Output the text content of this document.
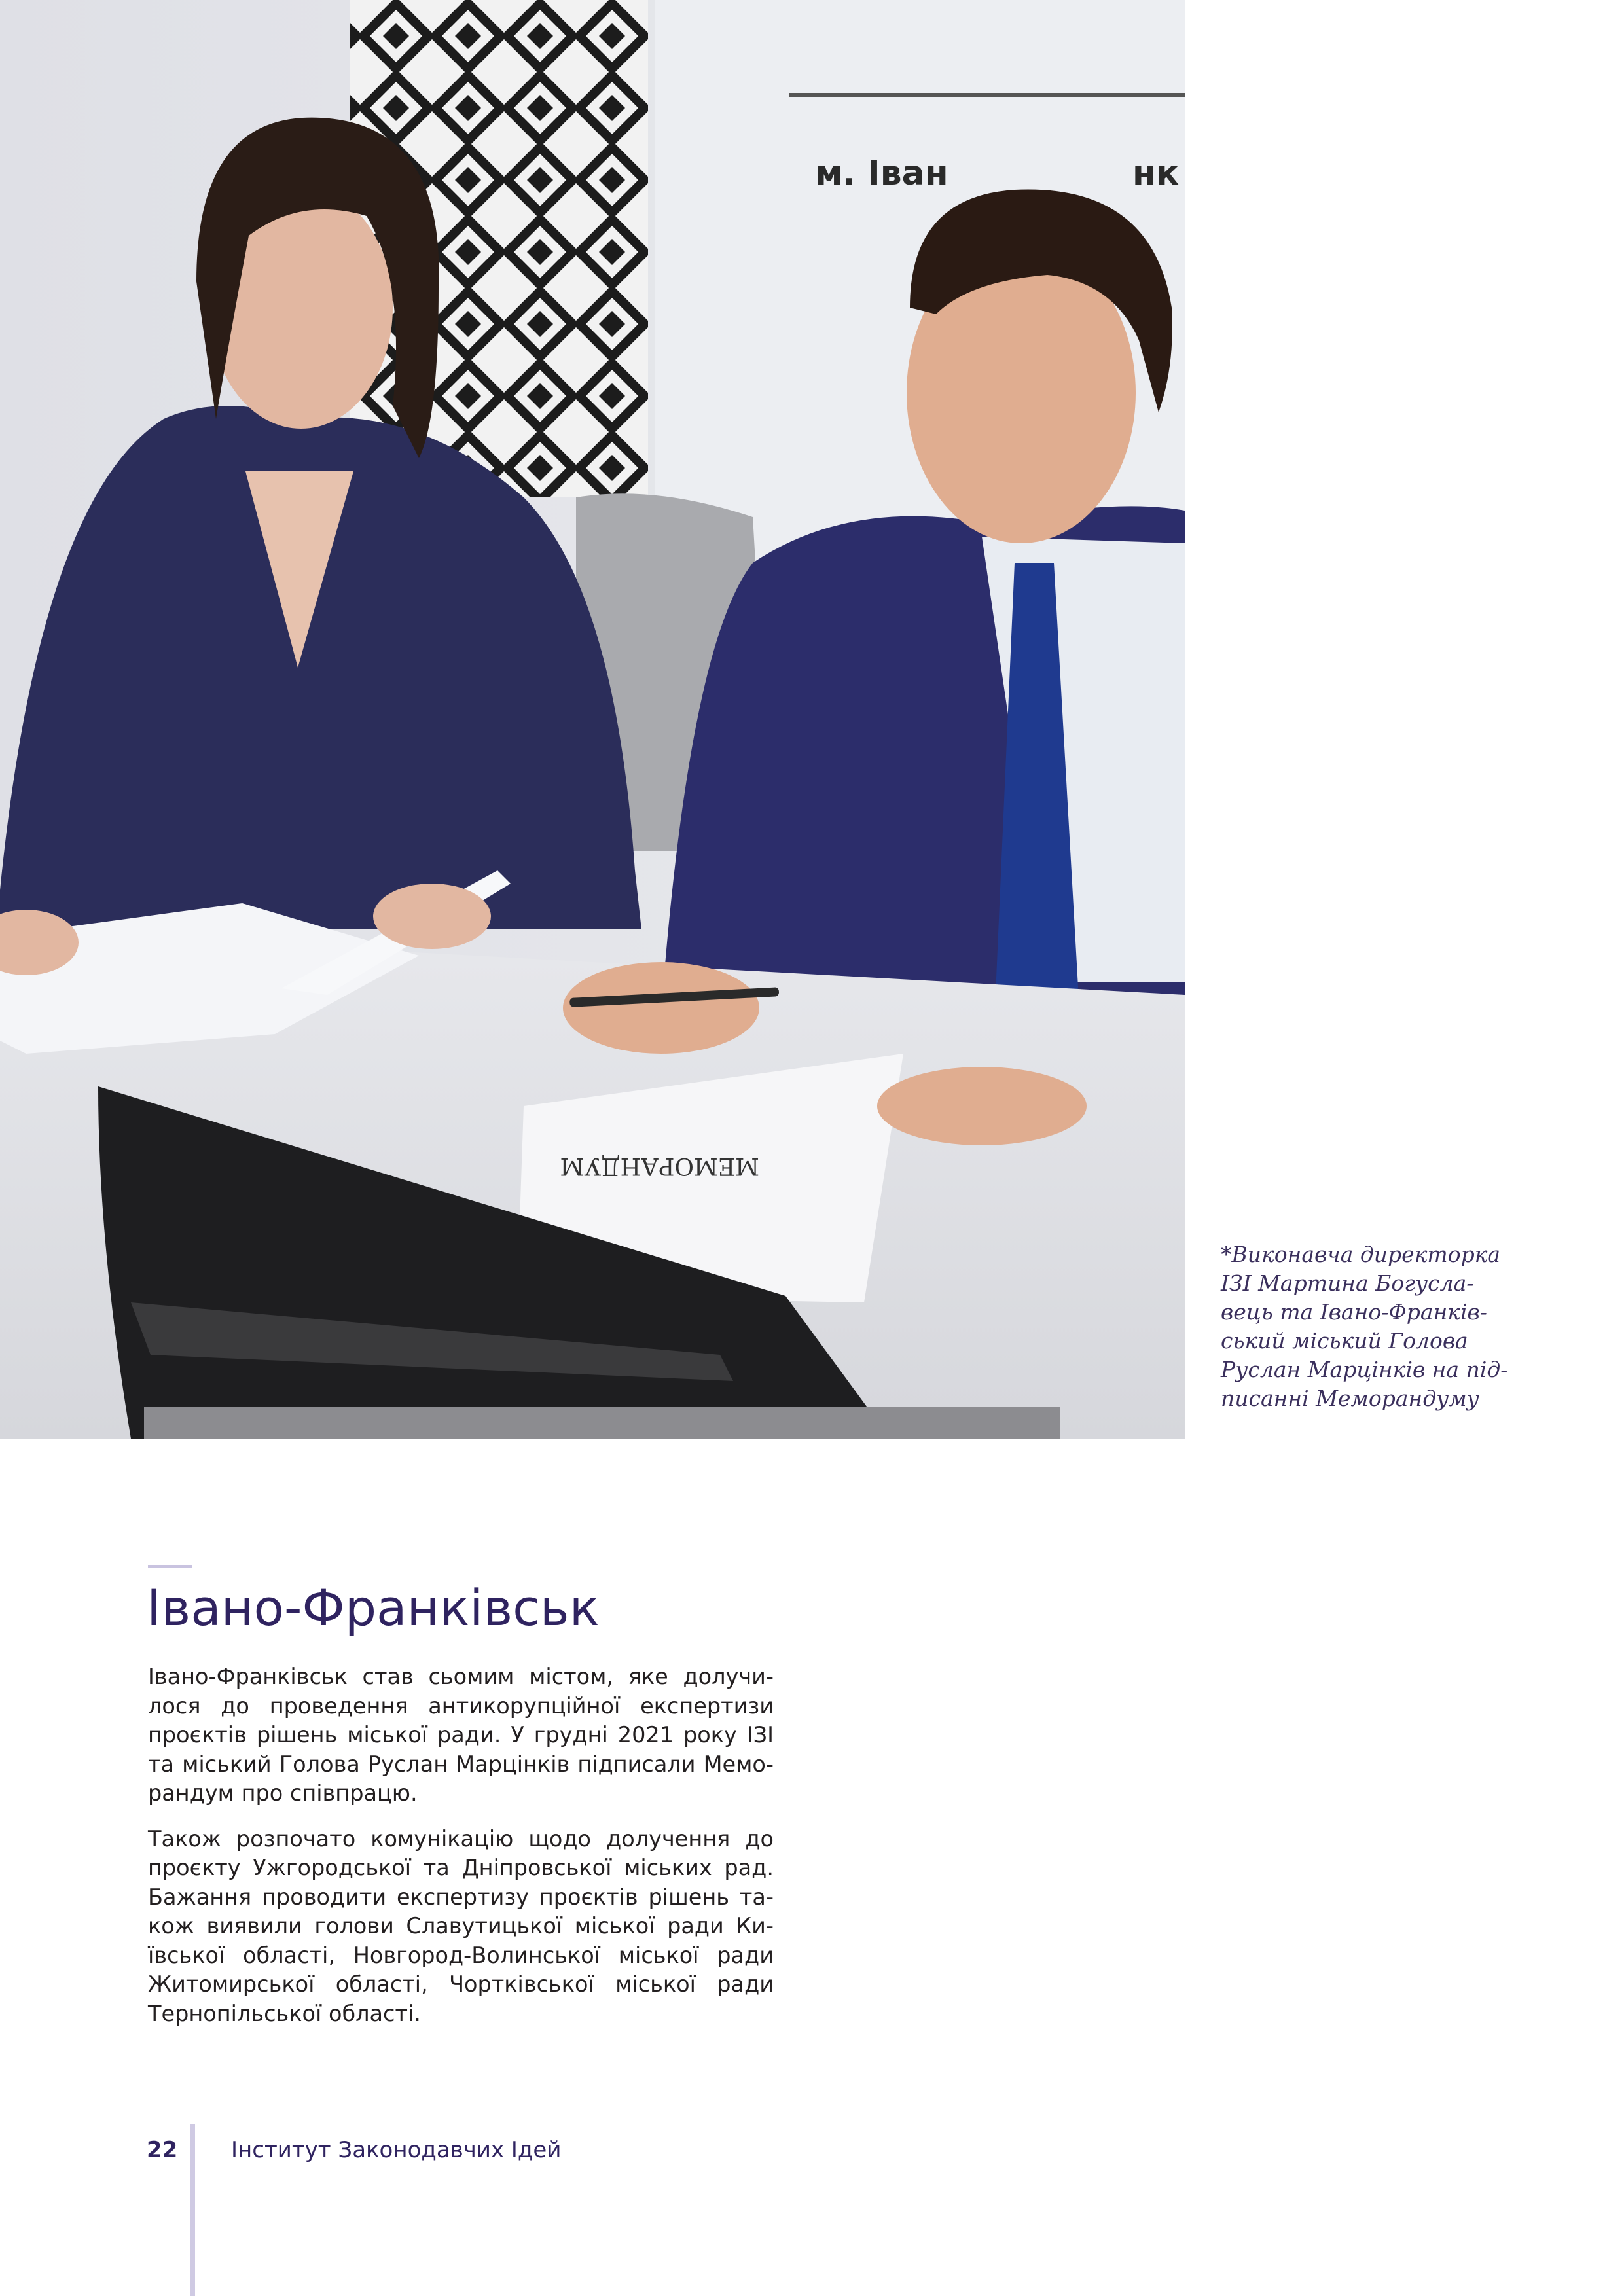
м. Іван	нк
МЕМОРАНДУМ
*Виконавча директорка
ІЗІ Мартина Богусла-
вець та Івано-Франків-
ський міський Голова
Руслан Марцінків на під-
писанні Меморандуму
Івано-Франківськ

Івано-Франківськ став сьомим містом, яке долучи-лося до проведення антикорупційної експертизи проєктів рішень міської ради. У грудні 2021 року ІЗІ та міський Голова Руслан Марцінків підписали Мемо-рандум про співпрацю.

Також розпочато комунікацію щодо долучення до проєкту Ужгородської та Дніпровської міських рад. Бажання проводити експертизу проєктів рішень та-кож виявили голови Славутицької міської ради Ки-ївської області, Новгород-Волинської міської ради Житомирської області, Чортківської міської ради Тернопільської області.

22 Інститут Законодавчих Ідей
